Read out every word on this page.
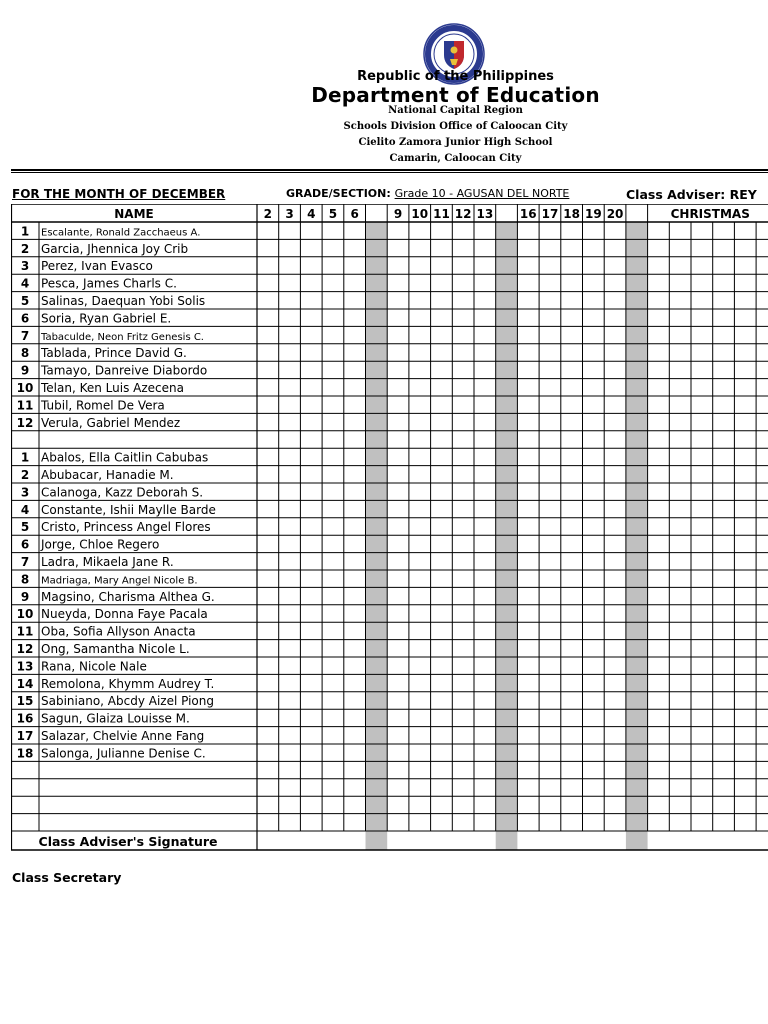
Republic of the Philippines
Department of Education
National Capital Region
Schools Division Office of Caloocan City
Cielito Zamora Junior High School
Camarin, Caloocan City
FOR THE MONTH OF DECEMBER	GRADE/SECTION: Grade 10 - AGUSAN DEL NORTE	Class Adviser: REY
NAME	2 3 4 5 6	9 10 11 12 13 16 17 18 19 20	CHRISTMAS
1 Escalante, Ronald Zacchaeus A.
2 Garcia, Jhennica Joy Crib
3 Perez, Ivan Evasco
4 Pesca, James Charls C.
5 Salinas, Daequan Yobi Solis
6 Soria, Ryan Gabriel E.
7 Tabaculde, Neon Fritz Genesis C.
8 Tablada, Prince David G.
9 Tamayo, Danreive Diabordo
10 Telan, Ken Luis Azecena
11 Tubil, Romel De Vera
12 Verula, Gabriel Mendez
1 Abalos, Ella Caitlin Cabubas
2 Abubacar, Hanadie M.
3 Calanoga, Kazz Deborah S.
4 Constante, Ishii Maylle Barde
5 Cristo, Princess Angel Flores
6 Jorge, Chloe Regero
7 Ladra, Mikaela Jane R.
8 Madriaga, Mary Angel Nicole B.
9 Magsino, Charisma Althea G.
10 Nueyda, Donna Faye Pacala
11 Oba, Sofia Allyson Anacta
12 Ong, Samantha Nicole L.
13 Rana, Nicole Nale
14 Remolona, Khymm Audrey T.
15 Sabiniano, Abcdy Aizel Piong
16 Sagun, Glaiza Louisse M.
17 Salazar, Chelvie Anne Fang
18 Salonga, Julianne Denise C.
Class Adviser's Signature
Class Secretary
